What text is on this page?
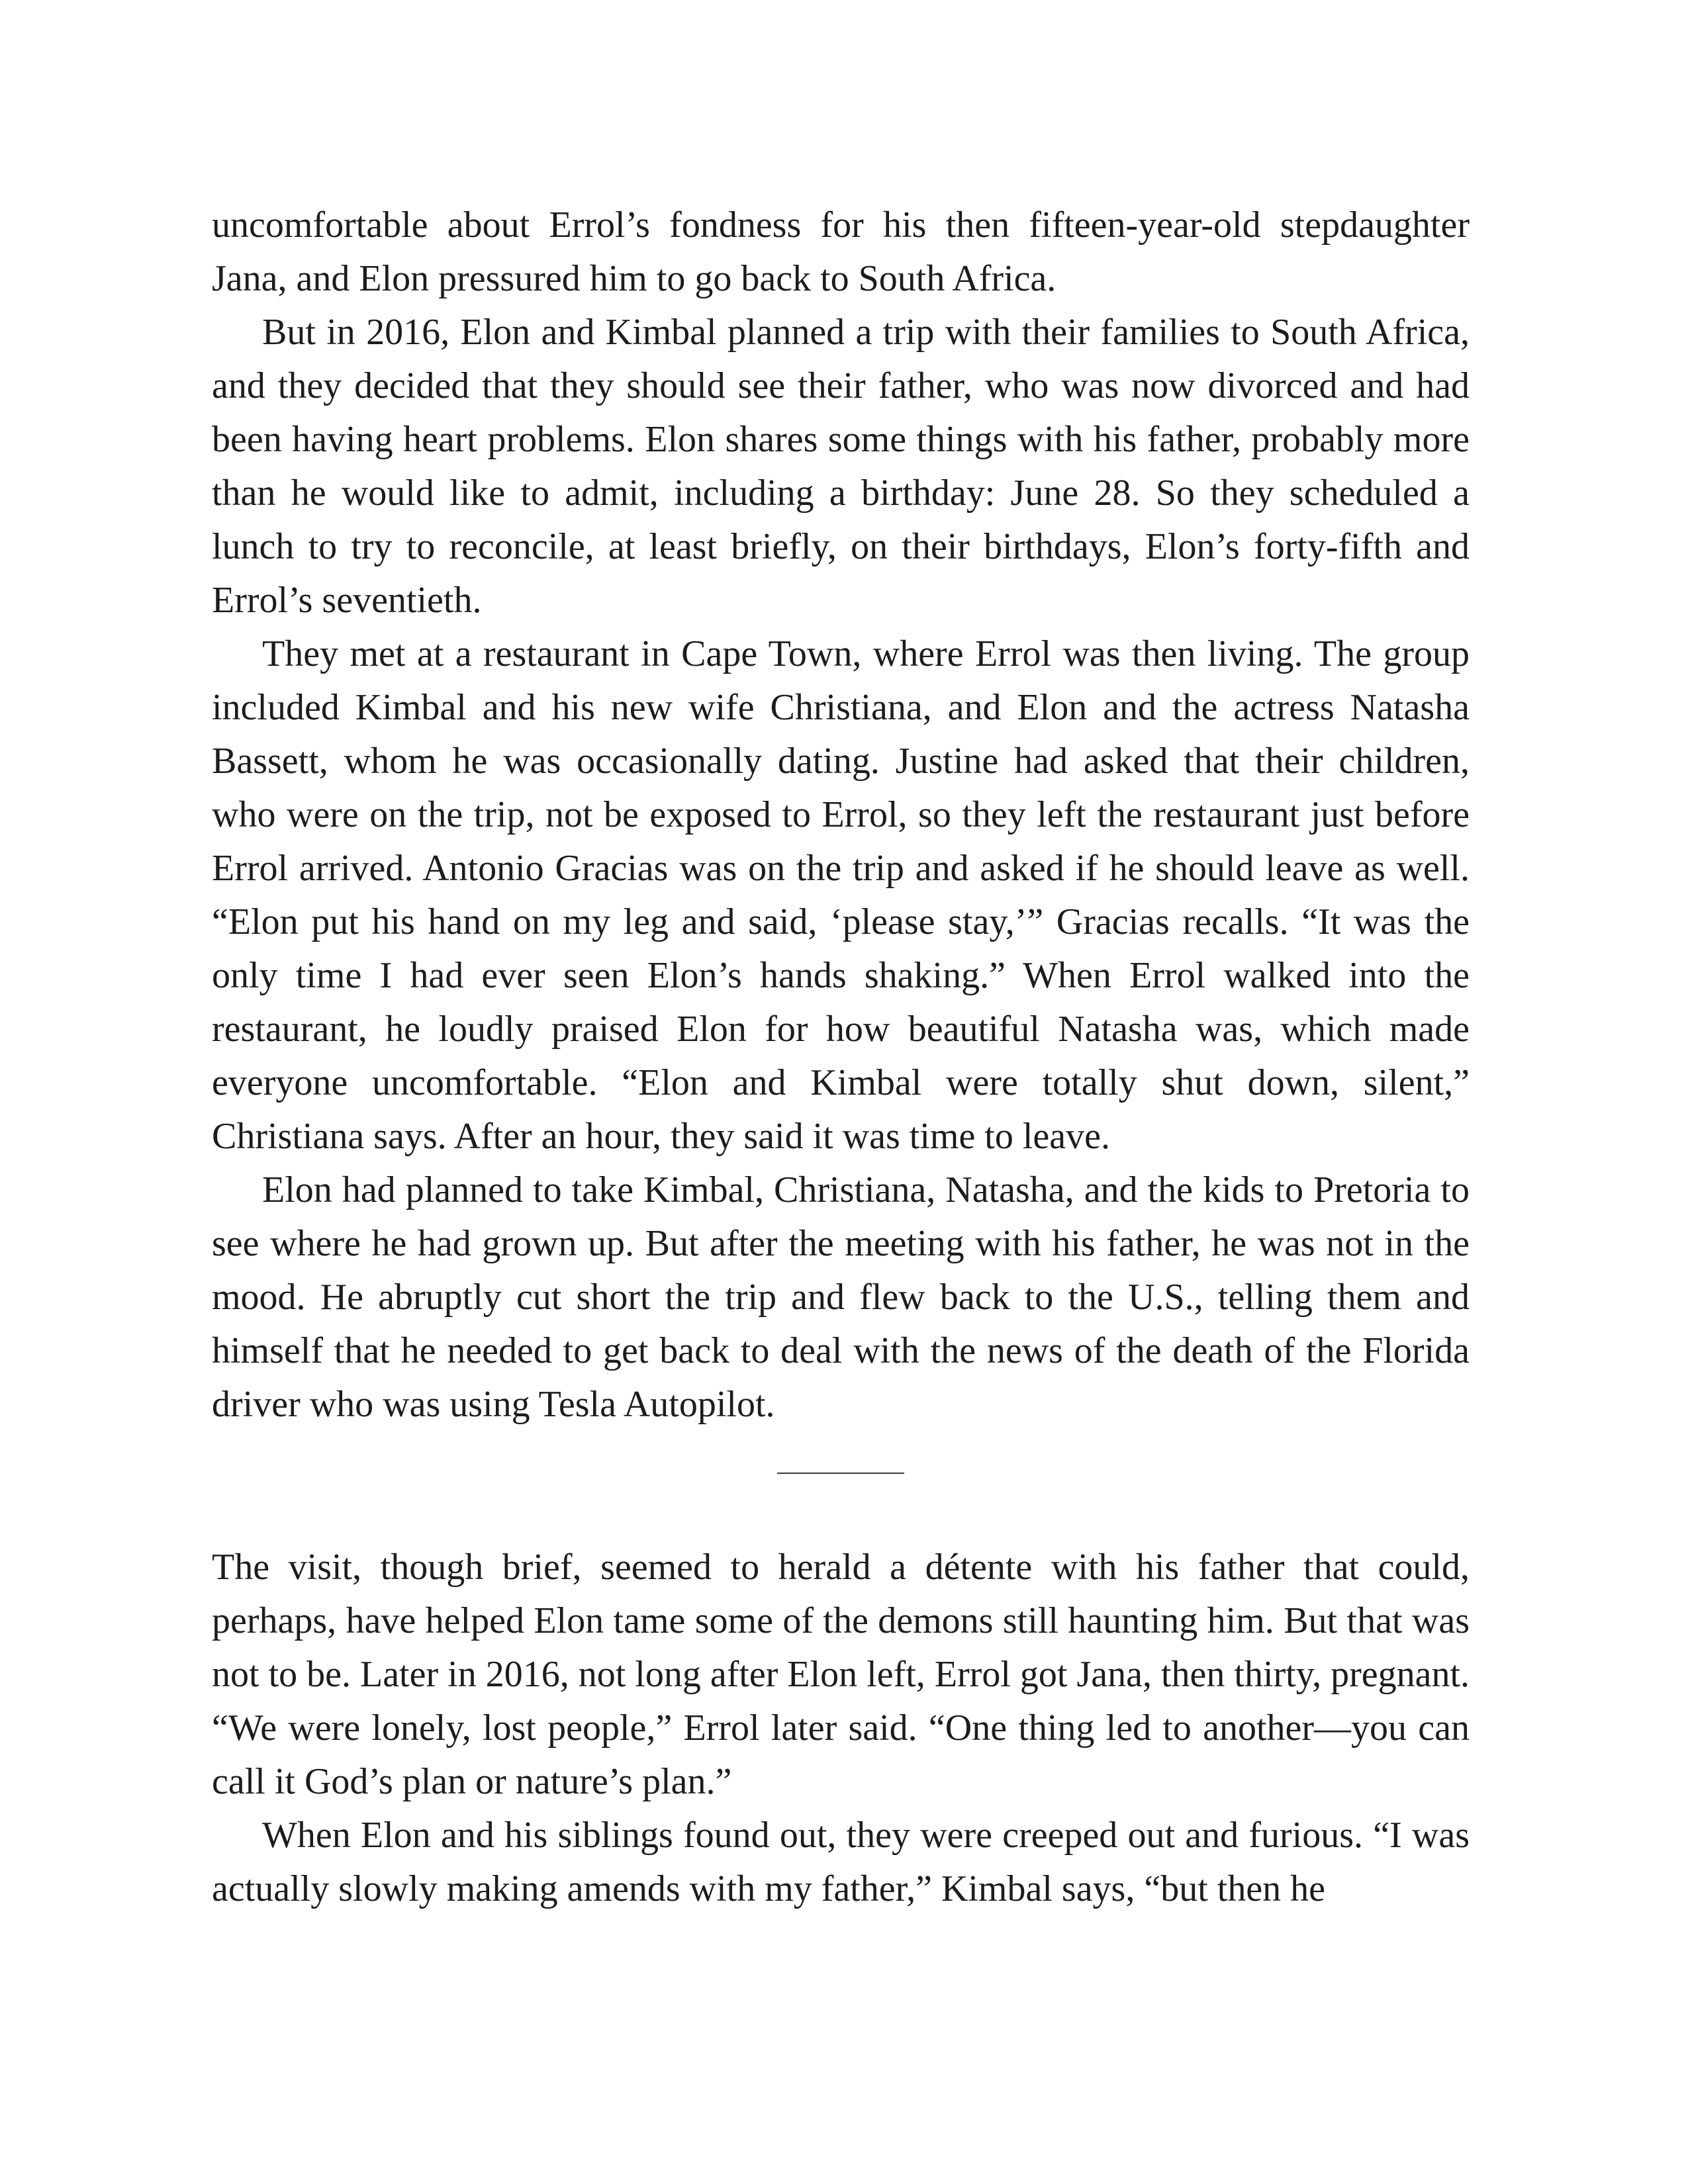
uncomfortable about Errol’s fondness for his then fifteen-year-old stepdaughter Jana, and Elon pressured him to go back to South Africa.

But in 2016, Elon and Kimbal planned a trip with their families to South Africa, and they decided that they should see their father, who was now divorced and had been having heart problems. Elon shares some things with his father, probably more than he would like to admit, including a birthday: June 28. So they scheduled a lunch to try to reconcile, at least briefly, on their birthdays, Elon’s forty-fifth and Errol’s seventieth.

They met at a restaurant in Cape Town, where Errol was then living. The group included Kimbal and his new wife Christiana, and Elon and the actress Natasha Bassett, whom he was occasionally dating. Justine had asked that their children, who were on the trip, not be exposed to Errol, so they left the restaurant just before Errol arrived. Antonio Gracias was on the trip and asked if he should leave as well. “Elon put his hand on my leg and said, ‘please stay,’” Gracias recalls. “It was the only time I had ever seen Elon’s hands shaking.” When Errol walked into the restaurant, he loudly praised Elon for how beautiful Natasha was, which made everyone uncomfortable. “Elon and Kimbal were totally shut down, silent,” Christiana says. After an hour, they said it was time to leave.

Elon had planned to take Kimbal, Christiana, Natasha, and the kids to Pretoria to see where he had grown up. But after the meeting with his father, he was not in the mood. He abruptly cut short the trip and flew back to the U.S., telling them and himself that he needed to get back to deal with the news of the death of the Florida driver who was using Tesla Autopilot.

The visit, though brief, seemed to herald a détente with his father that could, perhaps, have helped Elon tame some of the demons still haunting him. But that was not to be. Later in 2016, not long after Elon left, Errol got Jana, then thirty, pregnant. “We were lonely, lost people,” Errol later said. “One thing led to another—you can call it God’s plan or nature’s plan.”

When Elon and his siblings found out, they were creeped out and furious. “I was actually slowly making amends with my father,” Kimbal says, “but then he
